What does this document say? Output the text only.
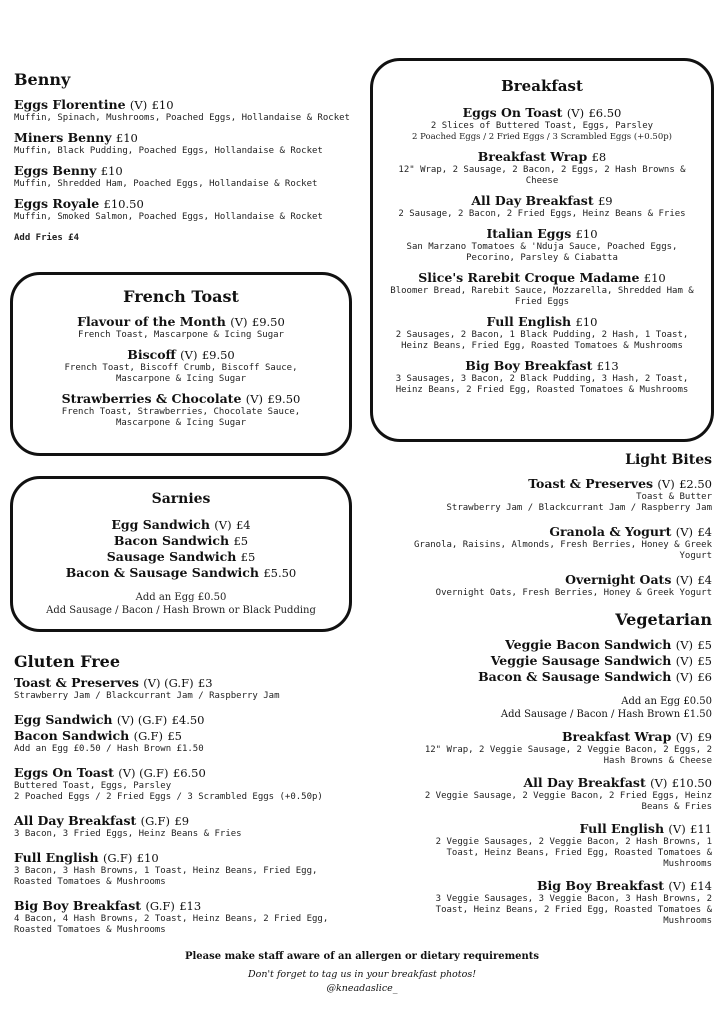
Benny
Eggs Florentine (V) £10
Muffin, Spinach, Mushrooms, Poached Eggs, Hollandaise & Rocket
Miners Benny £10
Muffin, Black Pudding, Poached Eggs, Hollandaise & Rocket
Eggs Benny £10
Muffin, Shredded Ham, Poached Eggs, Hollandaise & Rocket
Eggs Royale £10.50
Muffin, Smoked Salmon, Poached Eggs, Hollandaise & Rocket
Add Fries £4
French Toast
Flavour of the Month (V) £9.50
French Toast, Mascarpone & Icing Sugar
Biscoff (V) £9.50
French Toast, Biscoff Crumb, Biscoff Sauce, Mascarpone & Icing Sugar
Strawberries & Chocolate (V) £9.50
French Toast, Strawberries, Chocolate Sauce, Mascarpone & Icing Sugar
Sarnies
Egg Sandwich (V) £4
Bacon Sandwich £5
Sausage Sandwich £5
Bacon & Sausage Sandwich £5.50
Add an Egg £0.50
Add Sausage / Bacon / Hash Brown or Black Pudding
Gluten Free
Toast & Preserves (V) (G.F) £3
Strawberry Jam / Blackcurrant Jam / Raspberry Jam
Egg Sandwich (V) (G.F) £4.50
Bacon Sandwich (G.F) £5
Add an Egg £0.50 / Hash Brown £1.50
Eggs On Toast (V) (G.F) £6.50
Buttered Toast, Eggs, Parsley
2 Poached Eggs / 2 Fried Eggs / 3 Scrambled Eggs (+0.50p)
All Day Breakfast (G.F) £9
3 Bacon, 3 Fried Eggs, Heinz Beans & Fries
Full English (G.F) £10
3 Bacon, 3 Hash Browns, 1 Toast, Heinz Beans, Fried Egg, Roasted Tomatoes & Mushrooms
Big Boy Breakfast (G.F) £13
4 Bacon, 4 Hash Browns, 2 Toast, Heinz Beans, 2 Fried Egg, Roasted Tomatoes & Mushrooms
Breakfast
Eggs On Toast (V) £6.50
2 Slices of Buttered Toast, Eggs, Parsley
2 Poached Eggs / 2 Fried Eggs / 3 Scrambled Eggs (+0.50p)
Breakfast Wrap £8
12" Wrap, 2 Sausage, 2 Bacon, 2 Eggs, 2 Hash Browns & Cheese
All Day Breakfast £9
2 Sausage, 2 Bacon, 2 Fried Eggs, Heinz Beans & Fries
Italian Eggs £10
San Marzano Tomatoes & 'Nduja Sauce, Poached Eggs, Pecorino, Parsley & Ciabatta
Slice's Rarebit Croque Madame £10
Bloomer Bread, Rarebit Sauce, Mozzarella, Shredded Ham & Fried Eggs
Full English £10
2 Sausages, 2 Bacon, 1 Black Pudding, 2 Hash, 1 Toast, Heinz Beans, Fried Egg, Roasted Tomatoes & Mushrooms
Big Boy Breakfast £13
3 Sausages, 3 Bacon, 2 Black Pudding, 3 Hash, 2 Toast, Heinz Beans, 2 Fried Egg, Roasted Tomatoes & Mushrooms
Light Bites
Toast & Preserves (V) £2.50
Toast & Butter
Strawberry Jam / Blackcurrant Jam / Raspberry Jam
Granola & Yogurt (V) £4
Granola, Raisins, Almonds, Fresh Berries, Honey & Greek Yogurt
Overnight Oats (V) £4
Overnight Oats, Fresh Berries, Honey & Greek Yogurt
Vegetarian
Veggie Bacon Sandwich (V) £5
Veggie Sausage Sandwich (V) £5
Bacon & Sausage Sandwich (V) £6
Add an Egg £0.50
Add Sausage / Bacon / Hash Brown £1.50
Breakfast Wrap (V) £9
12" Wrap, 2 Veggie Sausage, 2 Veggie Bacon, 2 Eggs, 2 Hash Browns & Cheese
All Day Breakfast (V) £10.50
2 Veggie Sausage, 2 Veggie Bacon, 2 Fried Eggs, Heinz Beans & Fries
Full English (V) £11
2 Veggie Sausages, 2 Veggie Bacon, 2 Hash Browns, 1 Toast, Heinz Beans, Fried Egg, Roasted Tomatoes & Mushrooms
Big Boy Breakfast (V) £14
3 Veggie Sausages, 3 Veggie Bacon, 3 Hash Browns, 2 Toast, Heinz Beans, 2 Fried Egg, Roasted Tomatoes & Mushrooms
Please make staff aware of an allergen or dietary requirements
Don't forget to tag us in your breakfast photos!
@kneadaslice_
